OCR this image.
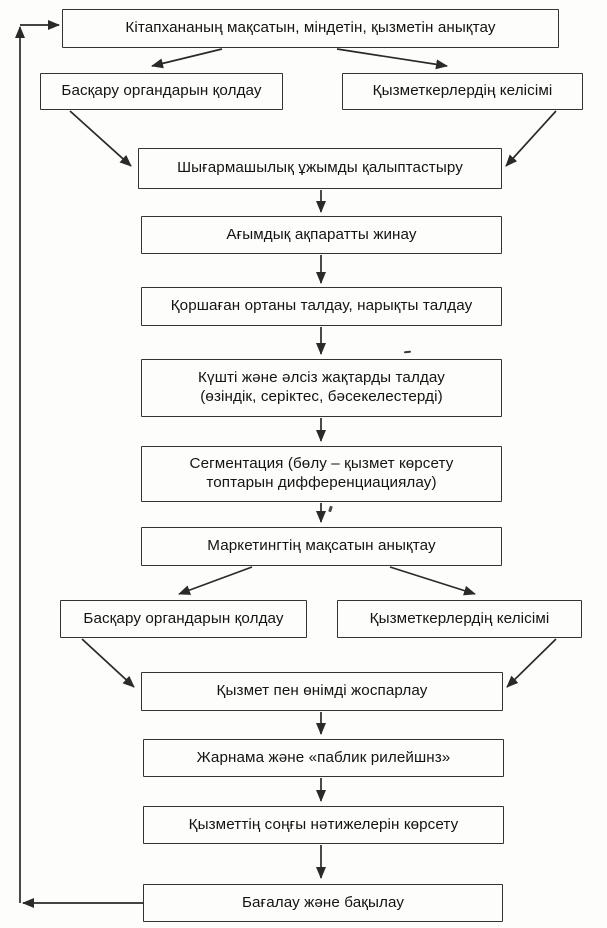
Кітапхананың мақсатын, міндетін, қызметін анықтау
Басқару органдарын қолдау	Қызметкерлердің келісімі
Шығармашылық ұжымды қалыптастыру
Ағымдық ақпаратты жинау
Қоршаған ортаны талдау, нарықты талдау
Күшті және әлсіз жақтарды талдау (өзіндік, серіктес, бәсекелестерді)
Сегментация (бөлу – қызмет көрсету топтарын дифференциациялау)
Маркетингтің мақсатын анықтау
Басқару органдарын қолдау	Қызметкерлердің келісімі
Қызмет пен өнімді жоспарлау
Жарнама және «паблик рилейшнз»
Қызметтің соңғы нәтижелерін көрсету
Бағалау және бақылау
